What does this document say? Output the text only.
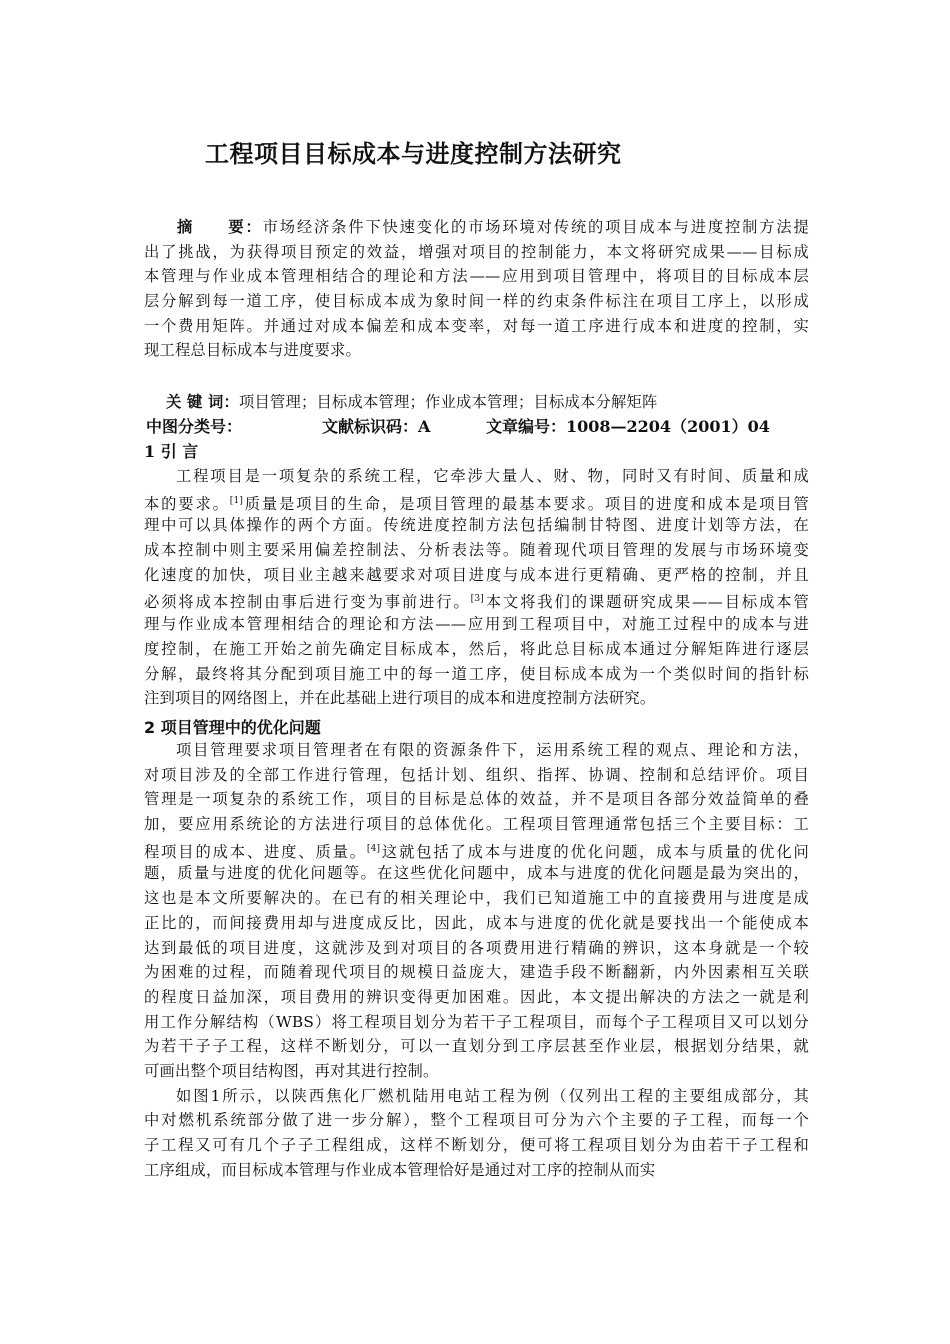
工程项目目标成本与进度控制方法研究
摘　　要：市场经济条件下快速变化的市场环境对传统的项目成本与进度控制方法提
出了挑战，为获得项目预定的效益，增强对项目的控制能力，本文将研究成果——目标成
本管理与作业成本管理相结合的理论和方法——应用到项目管理中，将项目的目标成本层
层分解到每一道工序，使目标成本成为象时间一样的约束条件标注在项目工序上，以形成
一个费用矩阵。并通过对成本偏差和成本变率，对每一道工序进行成本和进度的控制，实
现工程总目标成本与进度要求。
关 键 词：项目管理；目标成本管理；作业成本管理；目标成本分解矩阵
中图分类号：	文献标识码：A	文章编号：1008—2204（2001）04
1 引 言
工程项目是一项复杂的系统工程，它牵涉大量人、财、物，同时又有时间、质量和成
本的要求。[1]质量是项目的生命，是项目管理的最基本要求。项目的进度和成本是项目管
理中可以具体操作的两个方面。传统进度控制方法包括编制甘特图、进度计划等方法，在
成本控制中则主要采用偏差控制法、分析表法等。随着现代项目管理的发展与市场环境变
化速度的加快，项目业主越来越要求对项目进度与成本进行更精确、更严格的控制，并且
必须将成本控制由事后进行变为事前进行。[3]本文将我们的课题研究成果——目标成本管
理与作业成本管理相结合的理论和方法——应用到工程项目中，对施工过程中的成本与进
度控制，在施工开始之前先确定目标成本，然后，将此总目标成本通过分解矩阵进行逐层
分解，最终将其分配到项目施工中的每一道工序，使目标成本成为一个类似时间的指针标
注到项目的网络图上，并在此基础上进行项目的成本和进度控制方法研究。
2 项目管理中的优化问题
项目管理要求项目管理者在有限的资源条件下，运用系统工程的观点、理论和方法，
对项目涉及的全部工作进行管理，包括计划、组织、指挥、协调、控制和总结评价。项目
管理是一项复杂的系统工作，项目的目标是总体的效益，并不是项目各部分效益简单的叠
加，要应用系统论的方法进行项目的总体优化。工程项目管理通常包括三个主要目标：工
程项目的成本、进度、质量。[4]这就包括了成本与进度的优化问题，成本与质量的优化问
题，质量与进度的优化问题等。在这些优化问题中，成本与进度的优化问题是最为突出的，
这也是本文所要解决的。在已有的相关理论中，我们已知道施工中的直接费用与进度是成
正比的，而间接费用却与进度成反比，因此，成本与进度的优化就是要找出一个能使成本
达到最低的项目进度，这就涉及到对项目的各项费用进行精确的辨识，这本身就是一个较
为困难的过程，而随着现代项目的规模日益庞大，建造手段不断翻新，内外因素相互关联
的程度日益加深，项目费用的辨识变得更加困难。因此，本文提出解决的方法之一就是利
用工作分解结构（WBS）将工程项目划分为若干子工程项目，而每个子工程项目又可以划分
为若干子子工程，这样不断划分，可以一直划分到工序层甚至作业层，根据划分结果，就
可画出整个项目结构图，再对其进行控制。
如图1所示，以陕西焦化厂燃机陆用电站工程为例（仅列出工程的主要组成部分，其
中对燃机系统部分做了进一步分解），整个工程项目可分为六个主要的子工程，而每一个
子工程又可有几个子子工程组成，这样不断划分，便可将工程项目划分为由若干子工程和
工序组成，而目标成本管理与作业成本管理恰好是通过对工序的控制从而实
